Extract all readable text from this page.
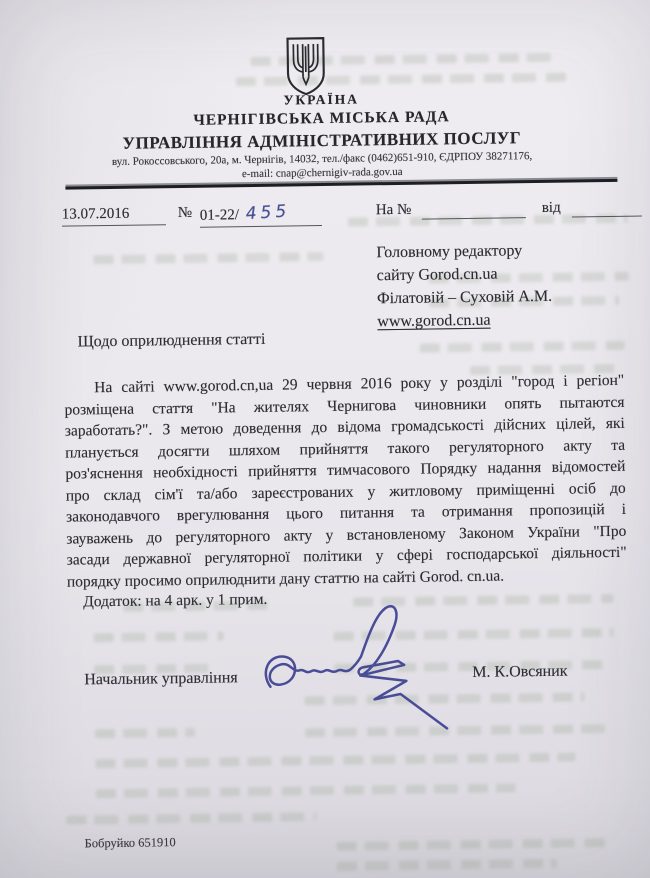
УКРАЇНА
ЧЕРНІГІВСЬКА МІСЬКА РАДА
УПРАВЛІННЯ АДМІНІСТРАТИВНИХ ПОСЛУГ
вул. Рокоссовського, 20а, м. Чернігів, 14032, тел./факс (0462)651-910, ЄДРПОУ 38271176,
e-mail: cnap@chernigiv-rada.gov.ua
13.07.2016	№ 01-22/ 455	На №	від
Головному редактору
сайту Gorod.cn.ua
Філатовій – Суховій А.М.
www.gorod.cn.ua
Щодо оприлюднення статті
На сайті www.gorod.cn,ua 29 червня 2016 року у розділі "город і регіон"
розміщена стаття "На жителях Чернигова чиновники опять пытаются
заработать?". З метою доведення до відома громадськості дійсних цілей, які
планується досягти шляхом прийняття такого регуляторного акту та
роз'яснення необхідності прийняття тимчасового Порядку надання відомостей
про склад сім'ї та/або зареєстрованих у житловому приміщенні осіб до
законодавчого врегулювання цього питання та отримання пропозицій і
зауважень до регуляторного акту у встановленому Законом України "Про
засади державної регуляторної політики у сфері господарської діяльності"
порядку просимо оприлюднити дану статтю на сайті Gorod. cn.ua.
Додаток: на 4 арк. у 1 прим.
Начальник управління	М. К.Овсяник
Бобруйко 651910
